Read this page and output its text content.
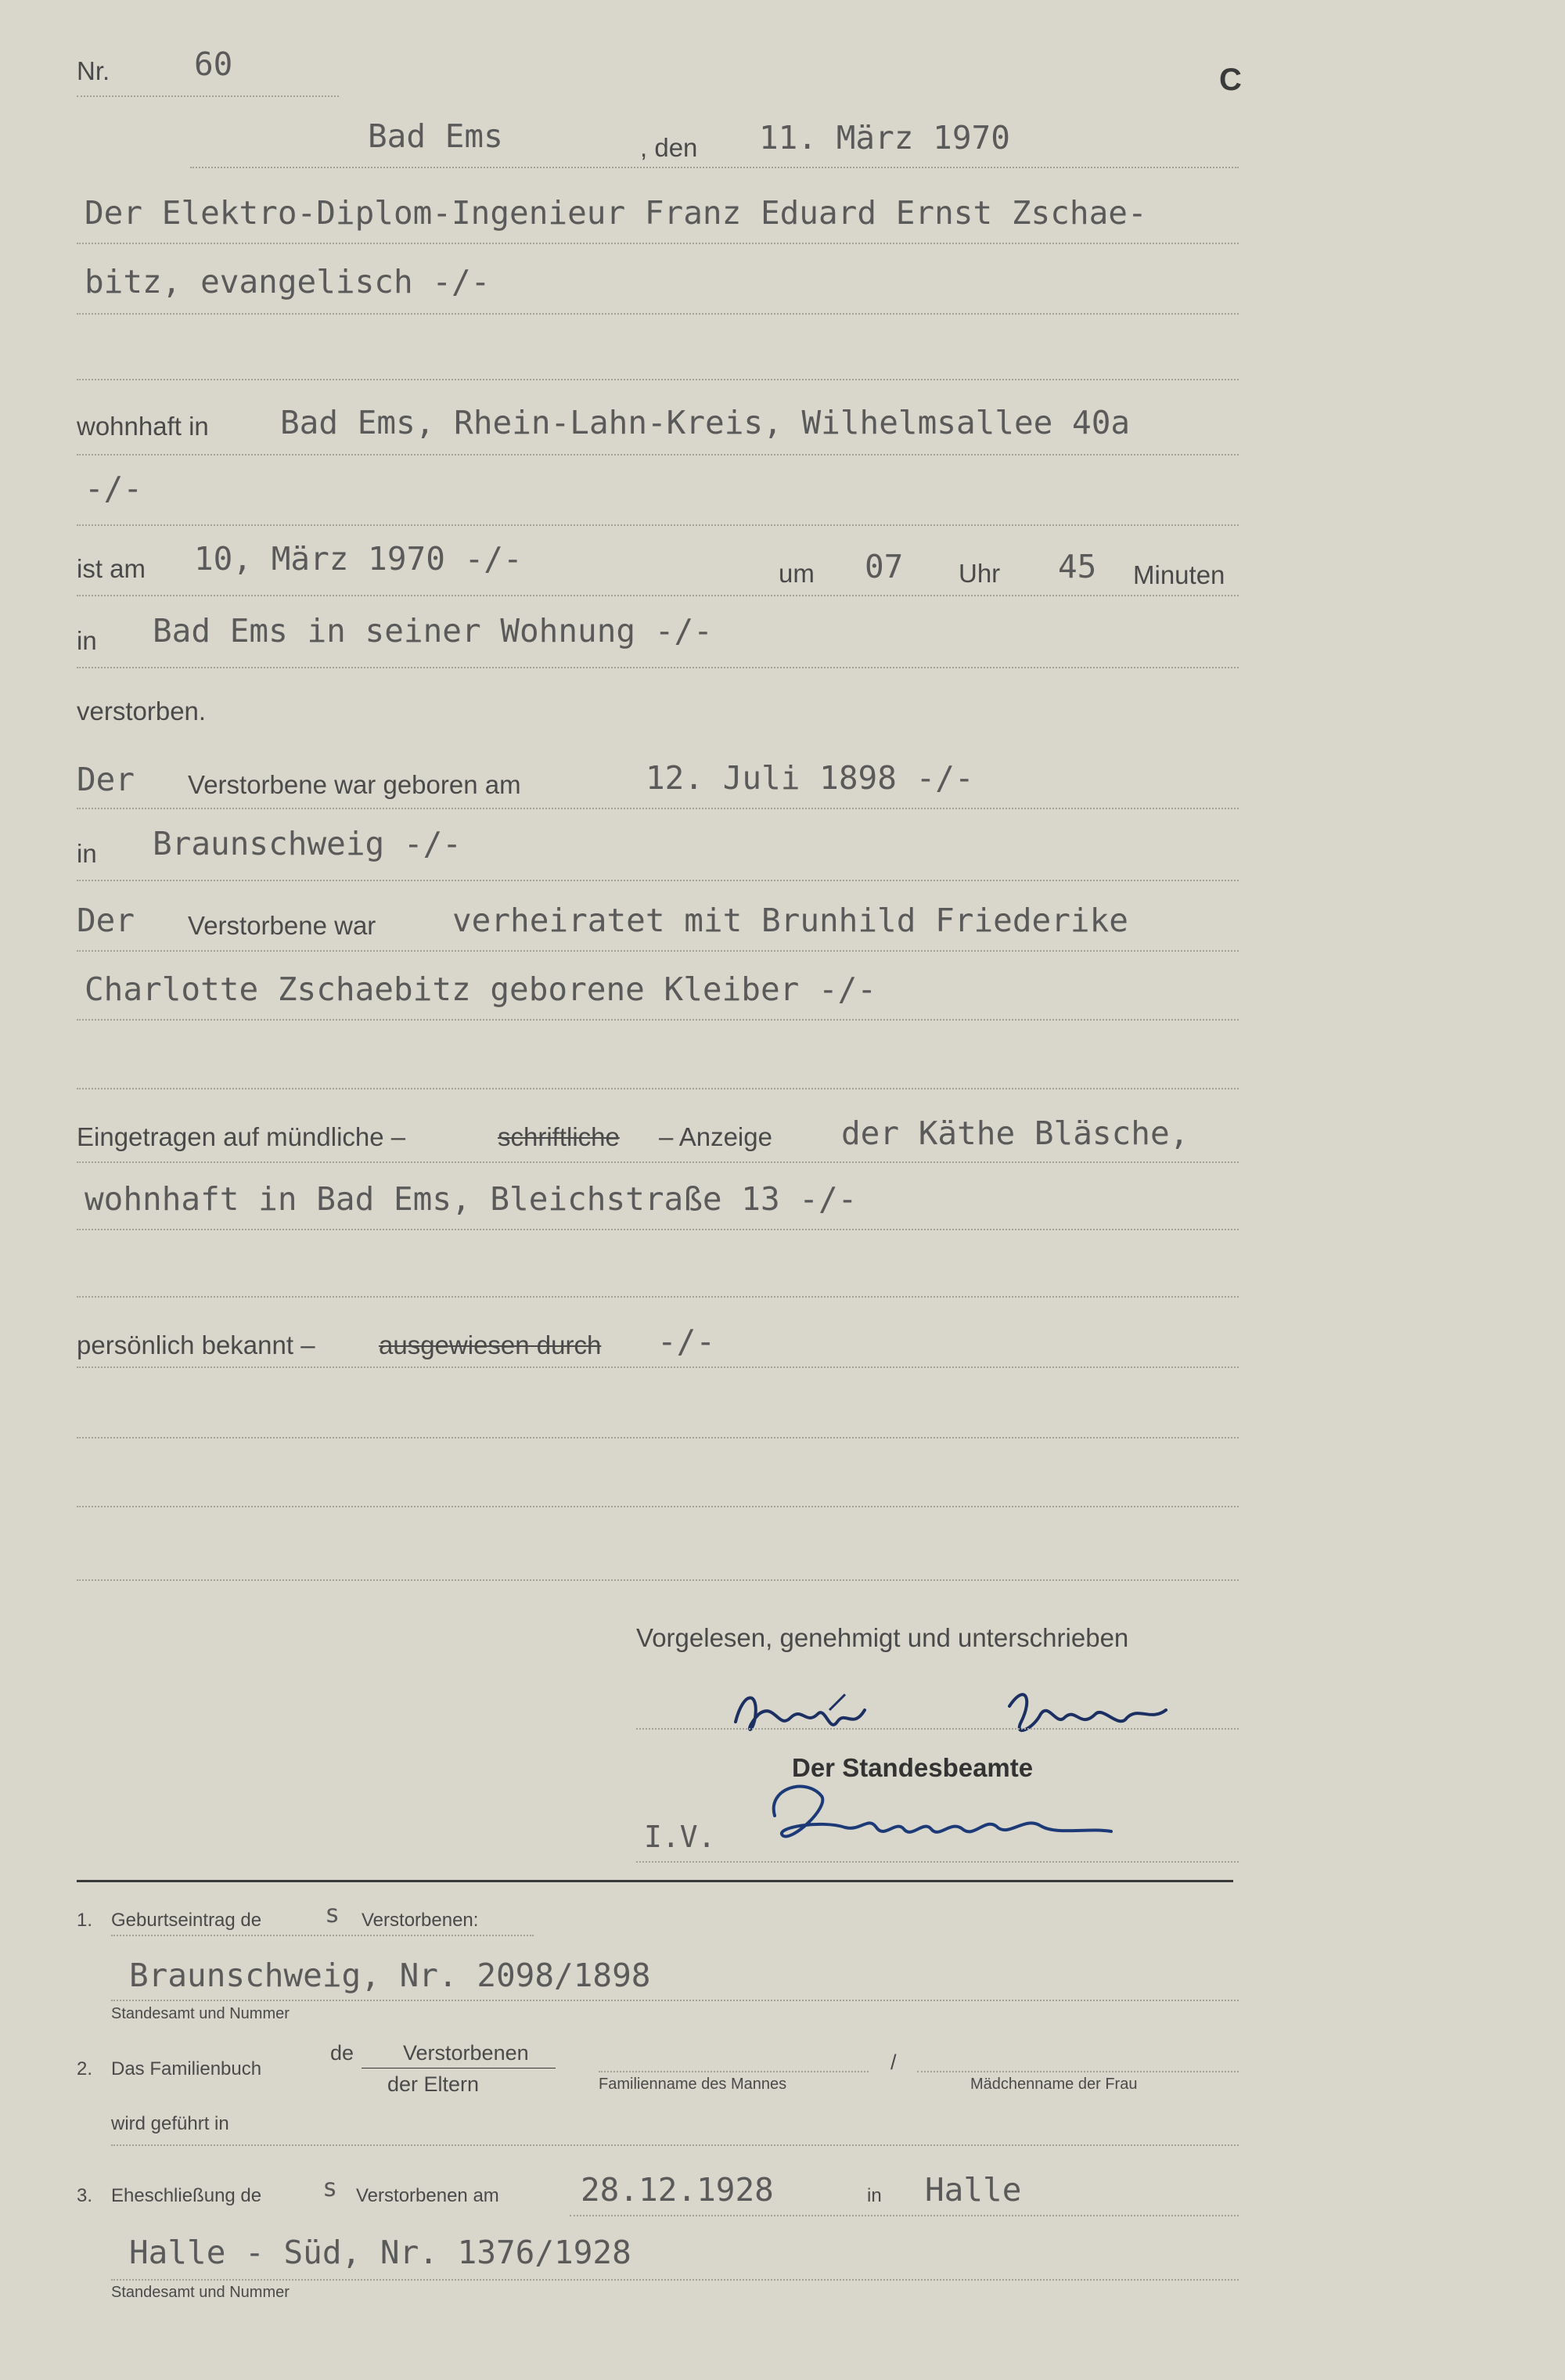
Nr.	60	C
Bad Ems	, den 11. März 1970
Der Elektro-Diplom-Ingenieur Franz Eduard Ernst Zschae-
bitz, evangelisch -/-
wohnhaft in Bad Ems, Rhein-Lahn-Kreis, Wilhelmsallee 40a
-/-
ist am 10, März 1970 -/-	um 07 Uhr 45 Minuten
in Bad Ems in seiner Wohnung -/-
verstorben.
Der Verstorbene war geboren am	12. Juli 1898 -/-
in Braunschweig -/-
Der Verstorbene war verheiratet mit Brunhild Friederike
Charlotte Zschaebitz geborene Kleiber -/-
Eingetragen auf mündliche –	schriftliche – Anzeige der Käthe Bläsche,
wohnhaft in Bad Ems, Bleichstraße 13 -/-
persönlich bekannt – ausgewiesen durch -/-
Vorgelesen, genehmigt und unterschrieben
Der Standesbeamte
I.V.
1. Geburtseintrag de	s Verstorbenen:
Braunschweig, Nr. 2098/1898
Standesamt und Nummer
2. Das Familienbuch
de Verstorbenen
der Eltern	Familienname des Mannes
/
Mädchenname der Frau
wird geführt in
3. Eheschließung de s Verstorbenen am	28.12.1928	in Halle
Halle - Süd, Nr. 1376/1928
Standesamt und Nummer
